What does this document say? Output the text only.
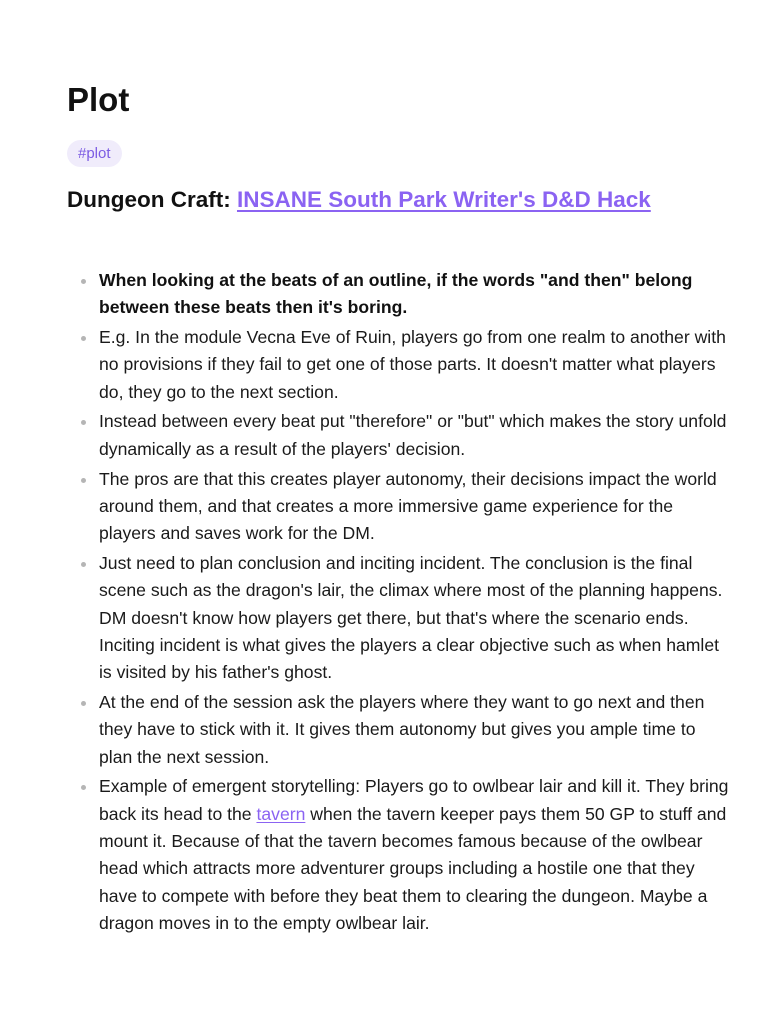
Plot
#plot
Dungeon Craft: INSANE South Park Writer's D&D Hack
When looking at the beats of an outline, if the words "and then" belong between these beats then it's boring.
E.g. In the module Vecna Eve of Ruin, players go from one realm to another with no provisions if they fail to get one of those parts. It doesn't matter what players do, they go to the next section.
Instead between every beat put "therefore" or "but" which makes the story unfold dynamically as a result of the players' decision.
The pros are that this creates player autonomy, their decisions impact the world around them, and that creates a more immersive game experience for the players and saves work for the DM.
Just need to plan conclusion and inciting incident. The conclusion is the final scene such as the dragon's lair, the climax where most of the planning happens. DM doesn't know how players get there, but that's where the scenario ends. Inciting incident is what gives the players a clear objective such as when hamlet is visited by his father's ghost.
At the end of the session ask the players where they want to go next and then they have to stick with it. It gives them autonomy but gives you ample time to plan the next session.
Example of emergent storytelling: Players go to owlbear lair and kill it. They bring back its head to the tavern when the tavern keeper pays them 50 GP to stuff and mount it. Because of that the tavern becomes famous because of the owlbear head which attracts more adventurer groups including a hostile one that they have to compete with before they beat them to clearing the dungeon. Maybe a dragon moves in to the empty owlbear lair.
